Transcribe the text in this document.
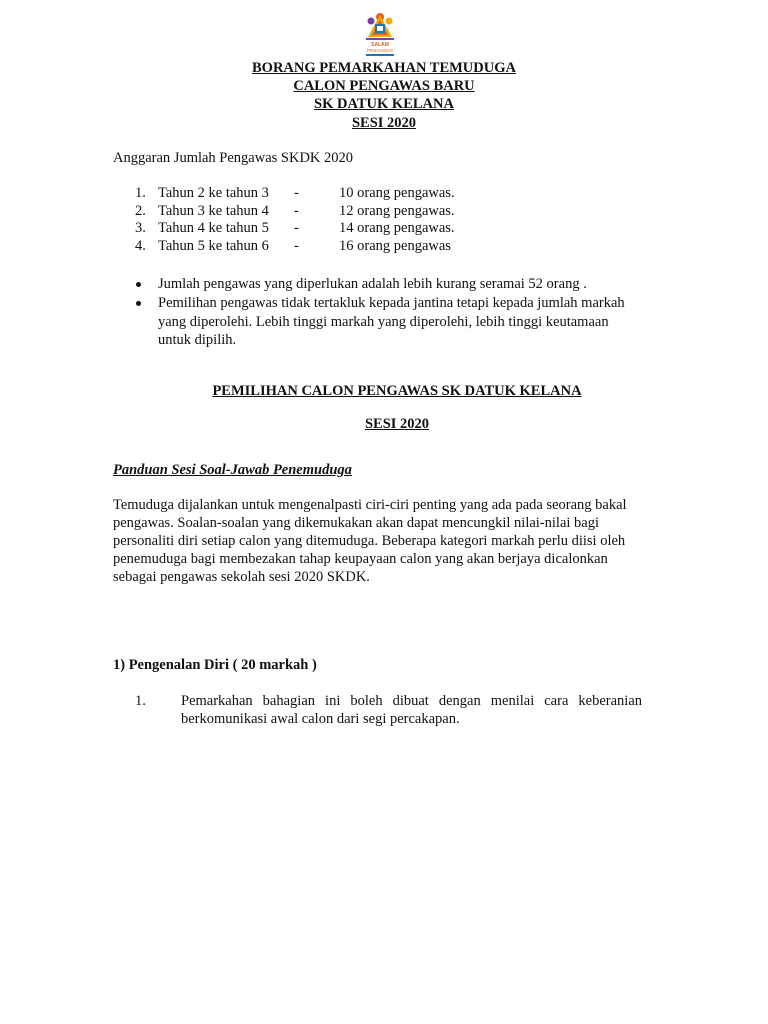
SALAM
PENGAWAS
BORANG PEMARKAHAN TEMUDUGA
CALON PENGAWAS BARU
SK DATUK KELANA
SESI 2020
Anggaran Jumlah Pengawas SKDK 2020
1. Tahun 2 ke tahun 3 -	10 orang pengawas.
2. Tahun 3 ke tahun 4 -	12 orang pengawas.
3. Tahun 4 ke tahun 5 -	14 orang pengawas.
4. Tahun 5 ke tahun 6 -	16 orang pengawas
Jumlah pengawas yang diperlukan adalah lebih kurang seramai 52 orang .
Pemilihan pengawas tidak tertakluk kepada jantina tetapi kepada jumlah markah
yang diperolehi. Lebih tinggi markah yang diperolehi, lebih tinggi keutamaan
untuk dipilih.
PEMILIHAN CALON PENGAWAS SK DATUK KELANA
SESI 2020
Panduan Sesi Soal-Jawab Penemuduga
Temuduga dijalankan untuk mengenalpasti ciri-ciri penting yang ada pada seorang bakal
pengawas. Soalan-soalan yang dikemukakan akan dapat mencungkil nilai-nilai bagi
personaliti diri setiap calon yang ditemuduga. Beberapa kategori markah perlu diisi oleh
penemuduga bagi membezakan tahap keupayaan calon yang akan berjaya dicalonkan
sebagai pengawas sekolah sesi 2020 SKDK.
1) Pengenalan Diri ( 20 markah )
1. Pemarkahan bahagian ini boleh dibuat dengan menilai cara keberanian
berkomunikasi awal calon dari segi percakapan.
